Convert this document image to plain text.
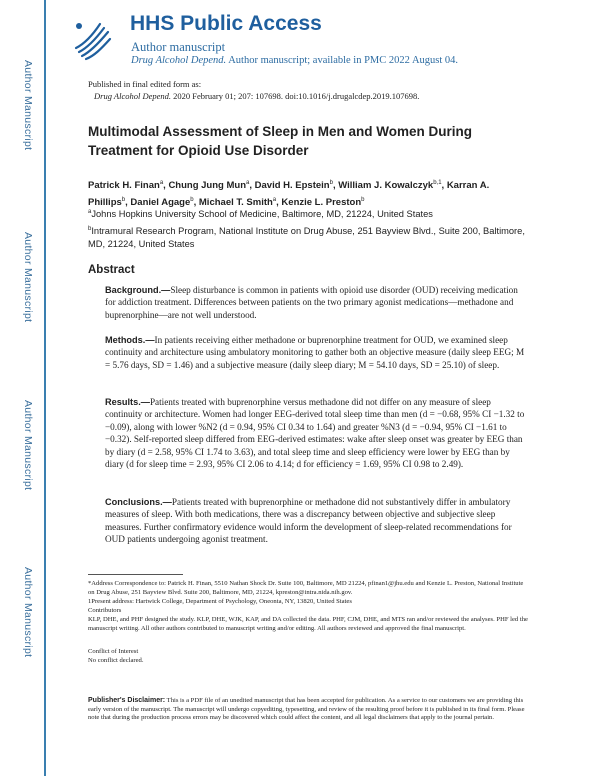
Author Manuscript
Author Manuscript
Author Manuscript
Author Manuscript
HHS Public Access
Author manuscript
Drug Alcohol Depend. Author manuscript; available in PMC 2022 August 04.
Published in final edited form as:
Drug Alcohol Depend. 2020 February 01; 207: 107698. doi:10.1016/j.drugalcdep.2019.107698.
Multimodal Assessment of Sleep in Men and Women During Treatment for Opioid Use Disorder
Patrick H. Finan$^a$, Chung Jung Mun$^a$, David H. Epstein$^b$, William J. Kowalczyk$^{b,1}$, Karran A. Phillips$^b$, Daniel Agage$^b$, Michael T. Smith$^a$, Kenzie L. Preston$^b$
$^a$Johns Hopkins University School of Medicine, Baltimore, MD, 21224, United States
$^b$Intramural Research Program, National Institute on Drug Abuse, 251 Bayview Blvd., Suite 200, Baltimore, MD, 21224, United States
Abstract

Background.—Sleep disturbance is common in patients with opioid use disorder (OUD) receiving medication for addiction treatment. Differences between patients on the two primary agonist medications—methadone and buprenorphine—are not well understood.

Methods.—In patients receiving either methadone or buprenorphine treatment for OUD, we examined sleep continuity and architecture using ambulatory monitoring to gather both an objective measure (daily sleep EEG; M = 5.76 days, SD = 1.46) and a subjective measure (daily sleep diary; M = 54.10 days, SD = 25.10) of sleep.

Results.—Patients treated with buprenorphine versus methadone did not differ on any measure of sleep continuity or architecture. Women had longer EEG-derived total sleep time than men (d = −0.68, 95% CI −1.32 to −0.09), along with lower %N2 (d = 0.94, 95% CI 0.34 to 1.64) and greater %N3 (d = −0.94, 95% CI −1.61 to −0.32). Self-reported sleep differed from EEG-derived estimates: wake after sleep onset was greater by EEG than by diary (d = 2.58, 95% CI 1.74 to 3.63), and total sleep time and sleep efficiency were lower by EEG than by diary (d for sleep time = 2.93, 95% CI 2.06 to 4.14; d for efficiency = 1.69, 95% CI 0.98 to 2.49).

Conclusions.—Patients treated with buprenorphine or methadone did not substantively differ in ambulatory measures of sleep. With both medications, there was a discrepancy between objective and subjective sleep measures. Further confirmatory evidence would inform the development of sleep-related recommendations for OUD patients undergoing agonist treatment.

*Address Correspondence to: Patrick H. Finan, 5510 Nathan Shock Dr. Suite 100, Baltimore, MD 21224, pfinan1@jhu.edu and Kenzie L. Preston, National Institute on Drug Abuse, 251 Bayview Blvd. Suite 200, Baltimore, MD, 21224, kpreston@intra.nida.nih.gov.

1Present address: Hartwick College, Department of Psychology, Oneonta, NY, 13820, United States

Contributors

KLP, DHE, and PHF designed the study. KLP, DHE, WJK, KAP, and DA collected the data. PHF, CJM, DHE, and MTS ran and/or reviewed the analyses. PHF led the manuscript writing. All other authors contributed to manuscript writing and/or editing. All authors reviewed and approved the final manuscript.

Conflict of Interest

No conflict declared.

Publisher's Disclaimer: This is a PDF file of an unedited manuscript that has been accepted for publication. As a service to our customers we are providing this early version of the manuscript. The manuscript will undergo copyediting, typesetting, and review of the resulting proof before it is published in its final form. Please note that during the production process errors may be discovered which could affect the content, and all legal disclaimers that apply to the journal pertain.
